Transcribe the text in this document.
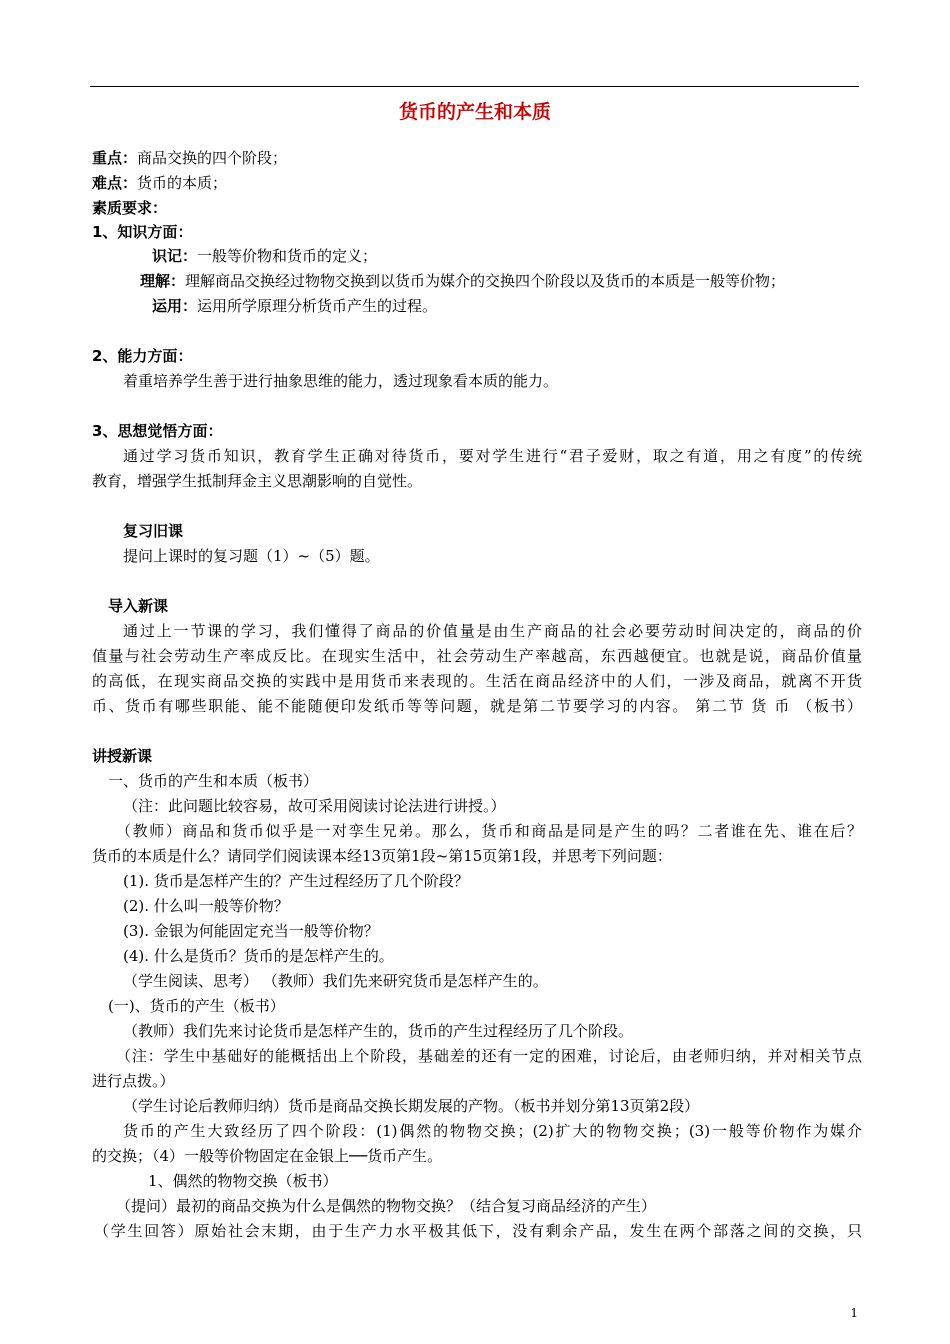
货币的产生和本质
重点：商品交换的四个阶段；
难点：货币的本质；
素质要求：
1、知识方面：
识记：一般等价物和货币的定义；
理解：理解商品交换经过物物交换到以货币为媒介的交换四个阶段以及货币的本质是一般等价物；
运用：运用所学原理分析货币产生的过程。
2、能力方面：
着重培养学生善于进行抽象思维的能力，透过现象看本质的能力。
3、思想觉悟方面：
通过学习货币知识，教育学生正确对待货币，要对学生进行“君子爱财，取之有道，用之有度”的传统
教育，增强学生抵制拜金主义思潮影响的自觉性。
复习旧课
提问上课时的复习题（1）~（5）题。
导入新课
通过上一节课的学习，我们懂得了商品的价值量是由生产商品的社会必要劳动时间决定的，商品的价
值量与社会劳动生产率成反比。在现实生活中，社会劳动生产率越高，东西越便宜。也就是说，商品价值量
的高低，在现实商品交换的实践中是用货币来表现的。生活在商品经济中的人们，一涉及商品，就离不开货
币、货币有哪些职能、能不能随便印发纸币等等问题，就是第二节要学习的内容。 第二节 货 币 （板书）
讲授新课
一、货币的产生和本质（板书）
（注：此问题比较容易，故可采用阅读讨论法进行讲授。）
（教师）商品和货币似乎是一对孪生兄弟。那么，货币和商品是同是产生的吗？二者谁在先、谁在后？
货币的本质是什么？请同学们阅读课本经13页第1段~第15页第1段，并思考下列问题：
(1). 货币是怎样产生的？产生过程经历了几个阶段？
(2). 什么叫一般等价物？
(3). 金银为何能固定充当一般等价物？
(4). 什么是货币？货币的是怎样产生的。
（学生阅读、思考） （教师）我们先来研究货币是怎样产生的。
(一)、货币的产生（板书）
（教师）我们先来讨论货币是怎样产生的，货币的产生过程经历了几个阶段。
（注：学生中基础好的能概括出上个阶段，基础差的还有一定的困难，讨论后，由老师归纳，并对相关节点
进行点拨。）
（学生讨论后教师归纳）货币是商品交换长期发展的产物。（板书并划分第13页第2段）
货币的产生大致经历了四个阶段：(1)偶然的物物交换；(2)扩大的物物交换；(3)一般等价物作为媒介
的交换；（4）一般等价物固定在金银上──货币产生。
1、偶然的物物交换（板书）
（提问）最初的商品交换为什么是偶然的物物交换？（结合复习商品经济的产生）
（学生回答）原始社会末期，由于生产力水平极其低下，没有剩余产品，发生在两个部落之间的交换，只
1
